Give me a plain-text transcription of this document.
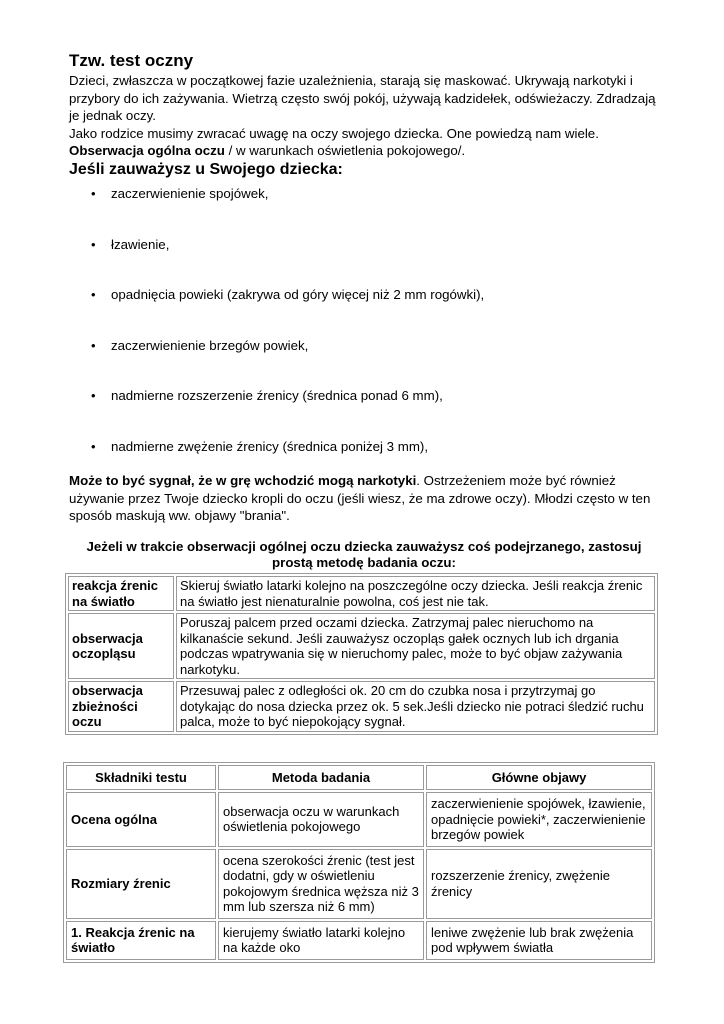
Tzw. test oczny

Dzieci, zwłaszcza w początkowej fazie uzależnienia, starają się maskować. Ukrywają narkotyki i przybory do ich zażywania. Wietrzą często swój pokój, używają kadzidełek, odświeżaczy. Zdradzają je jednak oczy.

Jako rodzice musimy zwracać uwagę na oczy swojego dziecka. One powiedzą nam wiele.

Obserwacja ogólna oczu / w warunkach oświetlenia pokojowego/.

Jeśli zauważysz u Swojego dziecka:
• zaczerwienienie spojówek,
• łzawienie,
• opadnięcia powieki (zakrywa od góry więcej niż 2 mm rogówki),
• zaczerwienienie brzegów powiek,
• nadmierne rozszerzenie źrenicy (średnica ponad 6 mm),
• nadmierne zwężenie źrenicy (średnica poniżej 3 mm),

Może to być sygnał, że w grę wchodzić mogą narkotyki. Ostrzeżeniem może być również używanie przez Twoje dziecko kropli do oczu (jeśli wiesz, że ma zdrowe oczy). Młodzi często w ten sposób maskują ww. objawy "brania".

Jeżeli w trakcie obserwacji ogólnej oczu dziecka zauważysz coś podejrzanego, zastosuj prostą metodę badania oczu:

reakcja źrenic na światło	Skieruj światło latarki kolejno na poszczególne oczy dziecka. Jeśli reakcja źrenic na światło jest nienaturalnie powolna, coś jest nie tak.
obserwacja oczopląsu	Poruszaj palcem przed oczami dziecka. Zatrzymaj palec nieruchomo na kilkanaście sekund. Jeśli zauważysz oczopląs gałek ocznych lub ich drgania podczas wpatrywania się w nieruchomy palec, może to być objaw zażywania narkotyku.
obserwacja zbieżności oczu	Przesuwaj palec z odległości ok. 20 cm do czubka nosa i przytrzymaj go dotykając do nosa dziecka przez ok. 5 sek.Jeśli dziecko nie potraci śledzić ruchu palca, może to być niepokojący sygnał.
Składniki testu	Metoda badania	Główne objawy
Ocena ogólna	obserwacja oczu w warunkach oświetlenia pokojowego	zaczerwienienie spojówek, łzawienie, opadnięcie powieki*, zaczerwienienie brzegów powiek
Rozmiary źrenic	ocena szerokości źrenic (test jest dodatni, gdy w oświetleniu pokojowym średnica węższa niż 3 mm lub szersza niż 6 mm)	rozszerzenie źrenicy, zwężenie źrenicy
1. Reakcja źrenic na światło	kierujemy światło latarki kolejno na każde oko	leniwe zwężenie lub brak zwężenia pod wpływem światła
